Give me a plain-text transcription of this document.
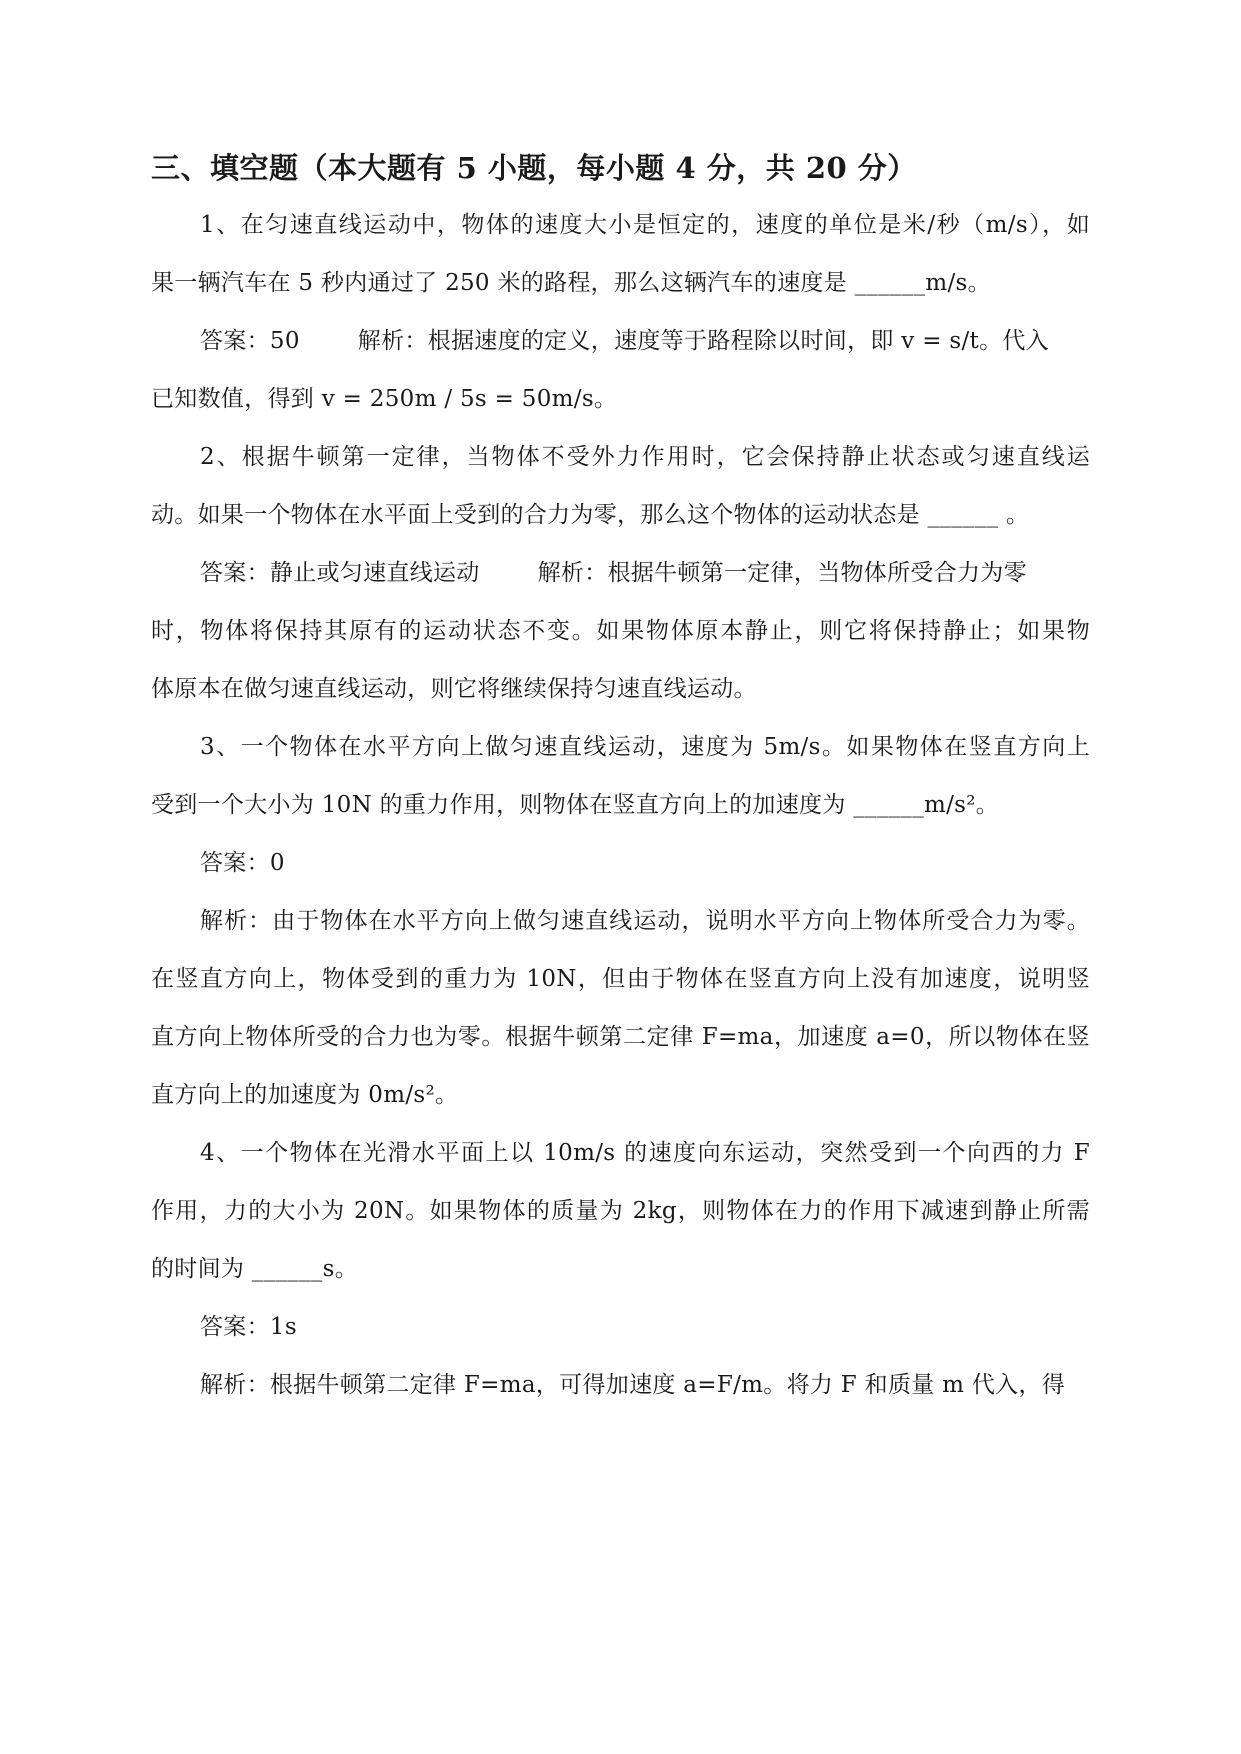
三、填空题（本大题有 5 小题，每小题 4 分，共 20 分）
1、在匀速直线运动中，物体的速度大小是恒定的，速度的单位是米/秒（m/s），如
果一辆汽车在 5 秒内通过了 250 米的路程，那么这辆汽车的速度是 ______m/s。
答案：50	解析：根据速度的定义，速度等于路程除以时间，即 v = s/t。代入
已知数值，得到 v = 250m / 5s = 50m/s。
2、根据牛顿第一定律，当物体不受外力作用时，它会保持静止状态或匀速直线运
动。如果一个物体在水平面上受到的合力为零，那么这个物体的运动状态是 ______ 。
答案：静止或匀速直线运动	解析：根据牛顿第一定律，当物体所受合力为零
时，物体将保持其原有的运动状态不变。如果物体原本静止，则它将保持静止；如果物
体原本在做匀速直线运动，则它将继续保持匀速直线运动。
3、一个物体在水平方向上做匀速直线运动，速度为 5m/s。如果物体在竖直方向上
受到一个大小为 10N 的重力作用，则物体在竖直方向上的加速度为 ______m/s²。
答案：0
解析：由于物体在水平方向上做匀速直线运动，说明水平方向上物体所受合力为零。
在竖直方向上，物体受到的重力为 10N，但由于物体在竖直方向上没有加速度，说明竖
直方向上物体所受的合力也为零。根据牛顿第二定律 F=ma，加速度 a=0，所以物体在竖
直方向上的加速度为 0m/s²。
4、一个物体在光滑水平面上以 10m/s 的速度向东运动，突然受到一个向西的力 F
作用，力的大小为 20N。如果物体的质量为 2kg，则物体在力的作用下减速到静止所需
的时间为 ______s。
答案：1s
解析：根据牛顿第二定律 F=ma，可得加速度 a=F/m。将力 F 和质量 m 代入，得
